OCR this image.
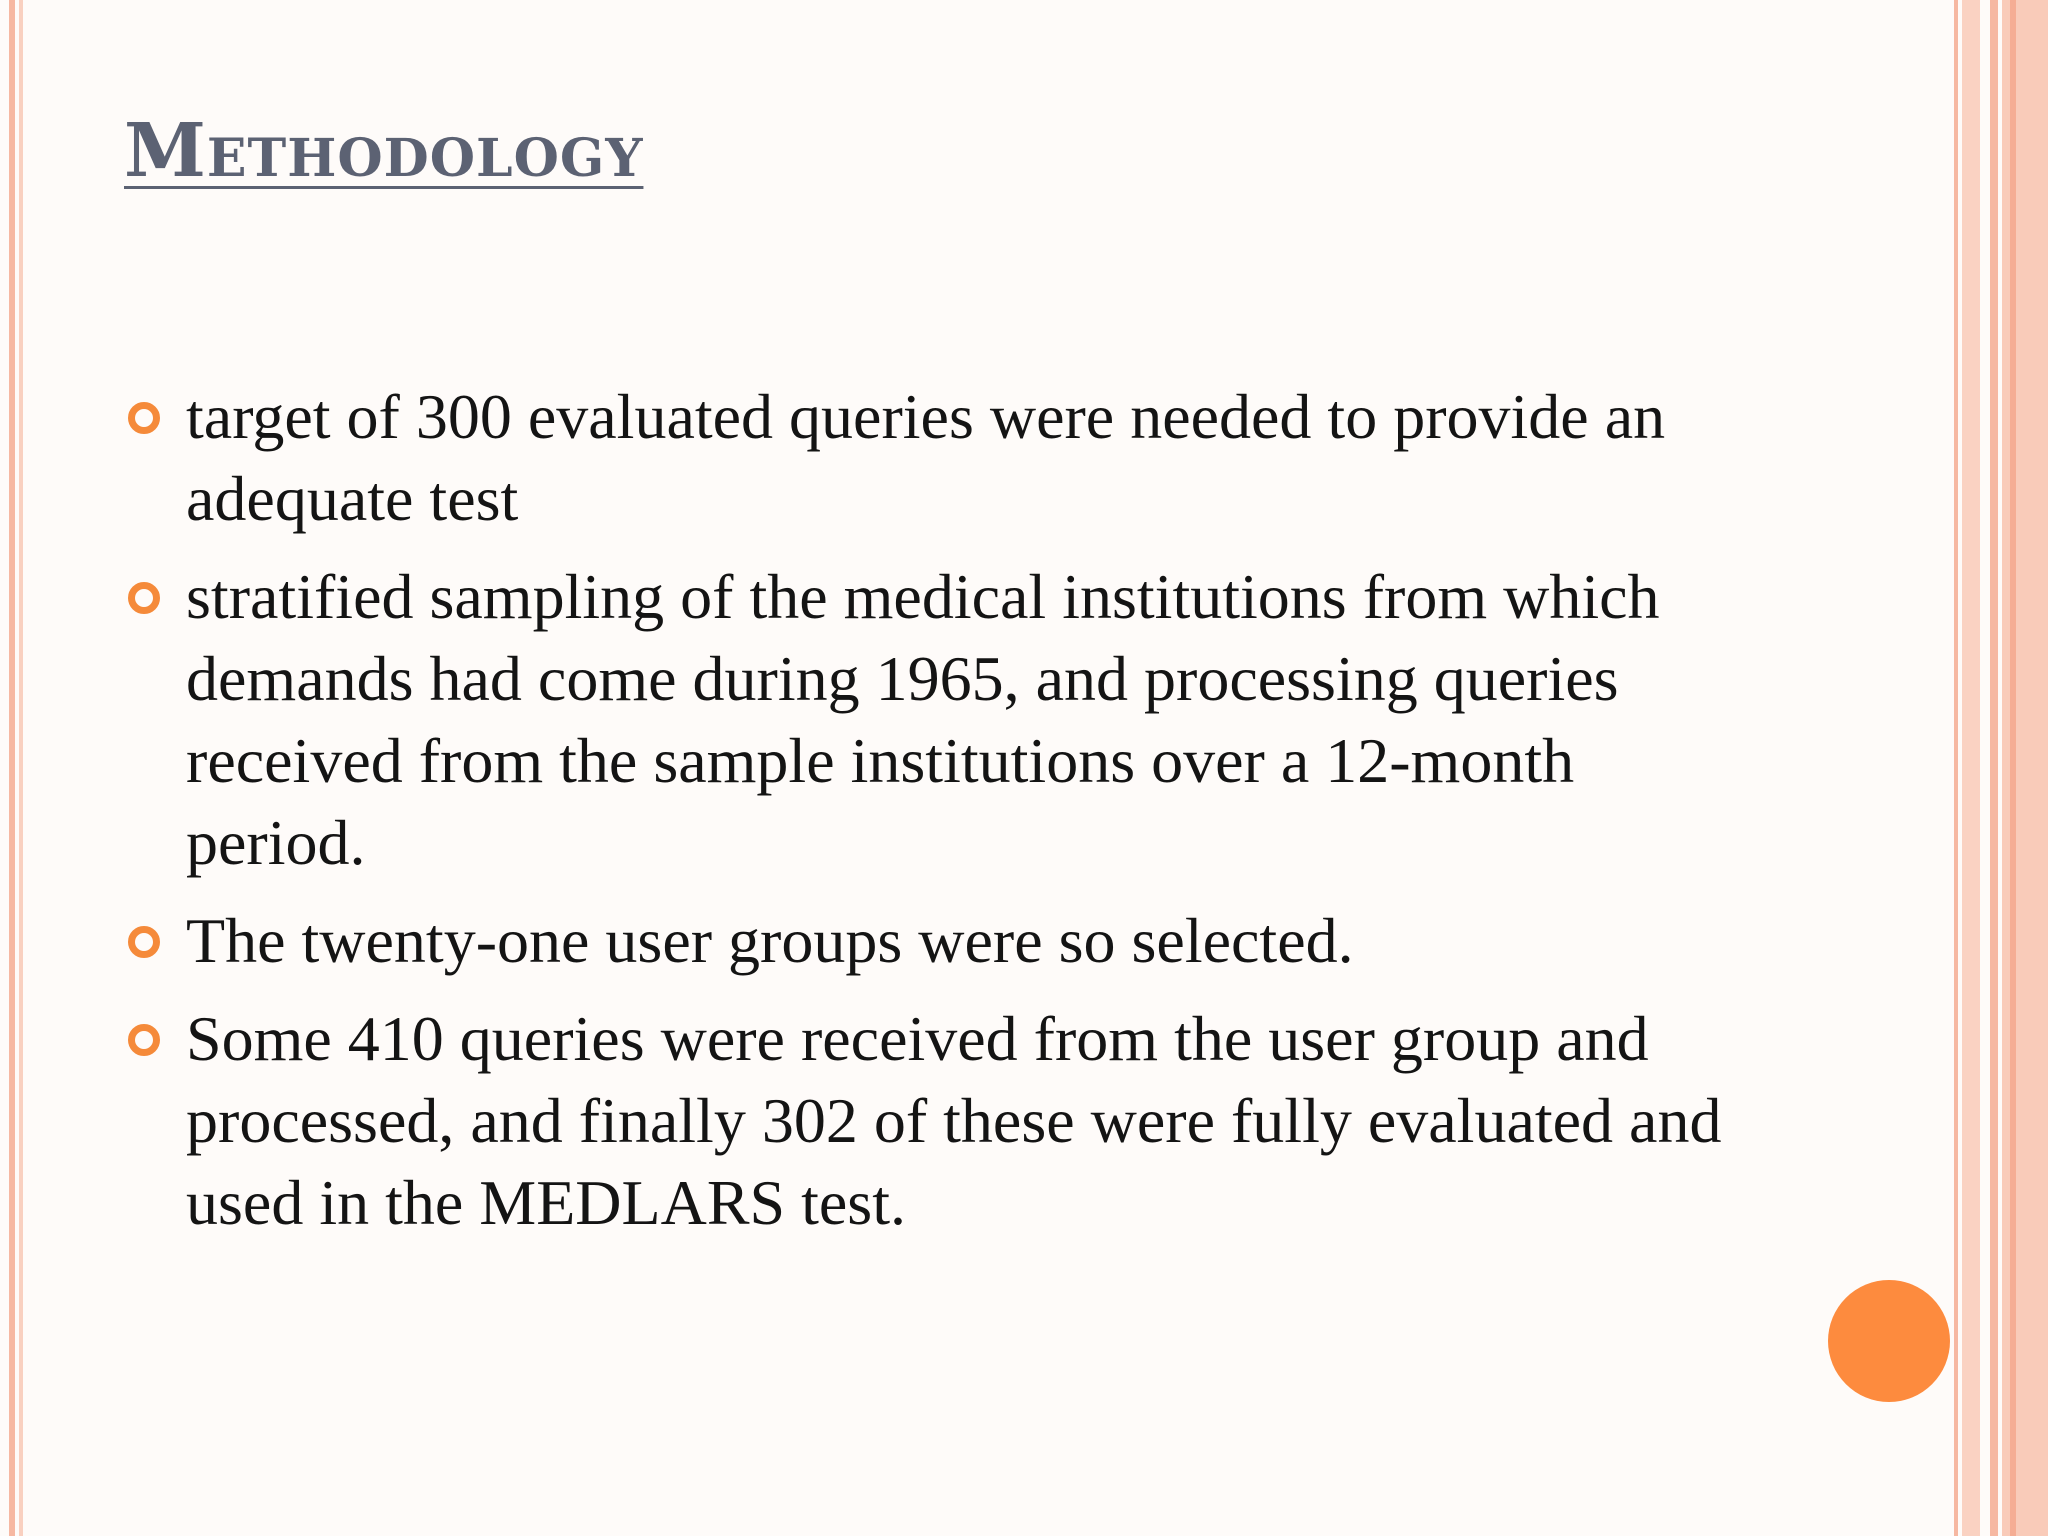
Methodology
target of 300 evaluated queries were needed to provide an adequate test
stratified sampling of the medical institutions from which demands had come during 1965, and processing queries received from the sample institutions over a 12-month period.
The twenty-one user groups were so selected.
Some 410 queries were received from the user group and processed, and finally 302 of these were fully evaluated and used in the MEDLARS test.
